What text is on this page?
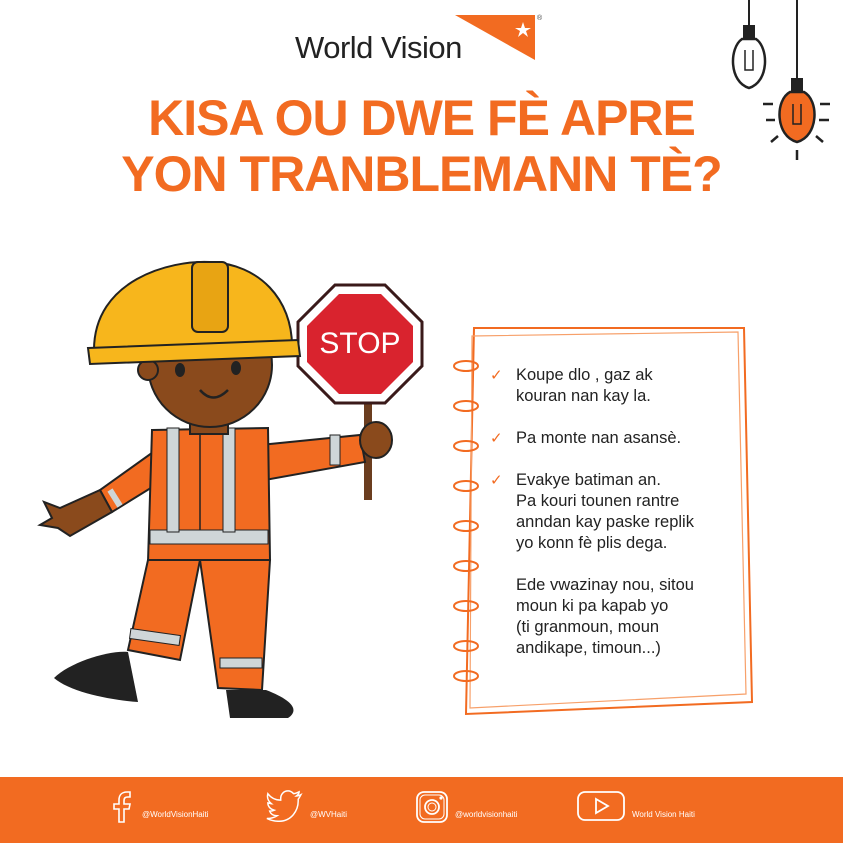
World Vision
®
KISA OU DWE FÈ APRE
YON TRANBLEMANN TÈ?
STOP
✓ Koupe dlo , gaz ak
kouran nan kay la.
✓ Pa monte nan asansè.
✓ Evakye batiman an.
Pa kouri tounen rantre
anndan kay paske replik
yo konn fè plis dega.
Ede vwazinay nou, sitou
moun ki pa kapab yo
(ti granmoun, moun
andikape, timoun...)
@WorldVisionHaiti	@WVHaiti	@worldvisionhaiti	World Vision Haiti
